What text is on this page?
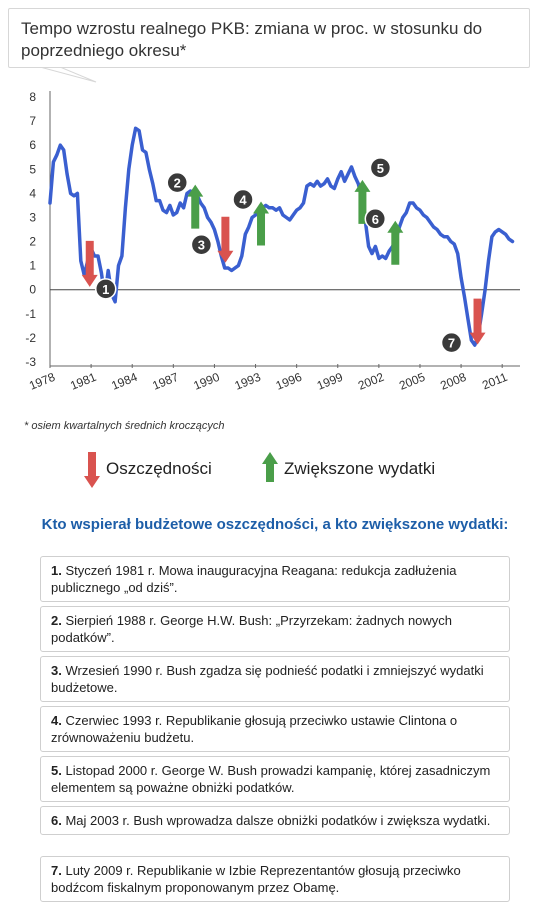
Tempo wzrostu realnego PKB: zmiana w proc. w stosunku do poprzedniego okresu*
8
7
6
5
4
3
2
1
0
-1
-2
-3
1978 1981 1984 1987 1990 1993 1996 1999 2002 2005 2008 2011
1
2
3
4
5
6
7
* osiem kwartalnych średnich kroczących
Oszczędności	Zwiększone wydatki
Kto wspierał budżetowe oszczędności, a kto zwiększone wydatki:
1. Styczeń 1981 r. Mowa inauguracyjna Reagana: redukcja zadłużenia publicznego „od dziś”.
2. Sierpień 1988 r. George H.W. Bush: „Przyrzekam: żadnych nowych podatków”.
3. Wrzesień 1990 r. Bush zgadza się podnieść podatki i zmniejszyć wydatki budżetowe.
4. Czerwiec 1993 r. Republikanie głosują przeciwko ustawie Clintona o zrównoważeniu budżetu.
5. Listopad 2000 r. George W. Bush prowadzi kampanię, której zasadniczym elementem są poważne obniżki podatków.
6. Maj 2003 r. Bush wprowadza dalsze obniżki podatków i zwiększa wydatki.
7. Luty 2009 r. Republikanie w Izbie Reprezentantów głosują przeciwko bodźcom fiskalnym proponowanym przez Obamę.
